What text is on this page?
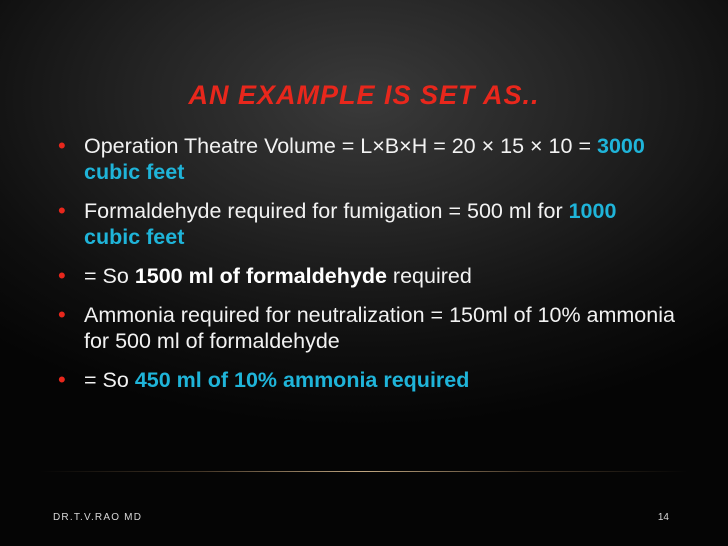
AN EXAMPLE IS SET AS..
• Operation Theatre Volume = L×B×H = 20 × 15 × 10 = 3000 cubic feet
• Formaldehyde required for fumigation = 500 ml for 1000 cubic feet
• = So 1500 ml of formaldehyde required
• Ammonia required for neutralization = 150ml of 10% ammonia for 500 ml of formaldehyde
• = So 450 ml of 10% ammonia required
DR.T.V.RAO MD	14
